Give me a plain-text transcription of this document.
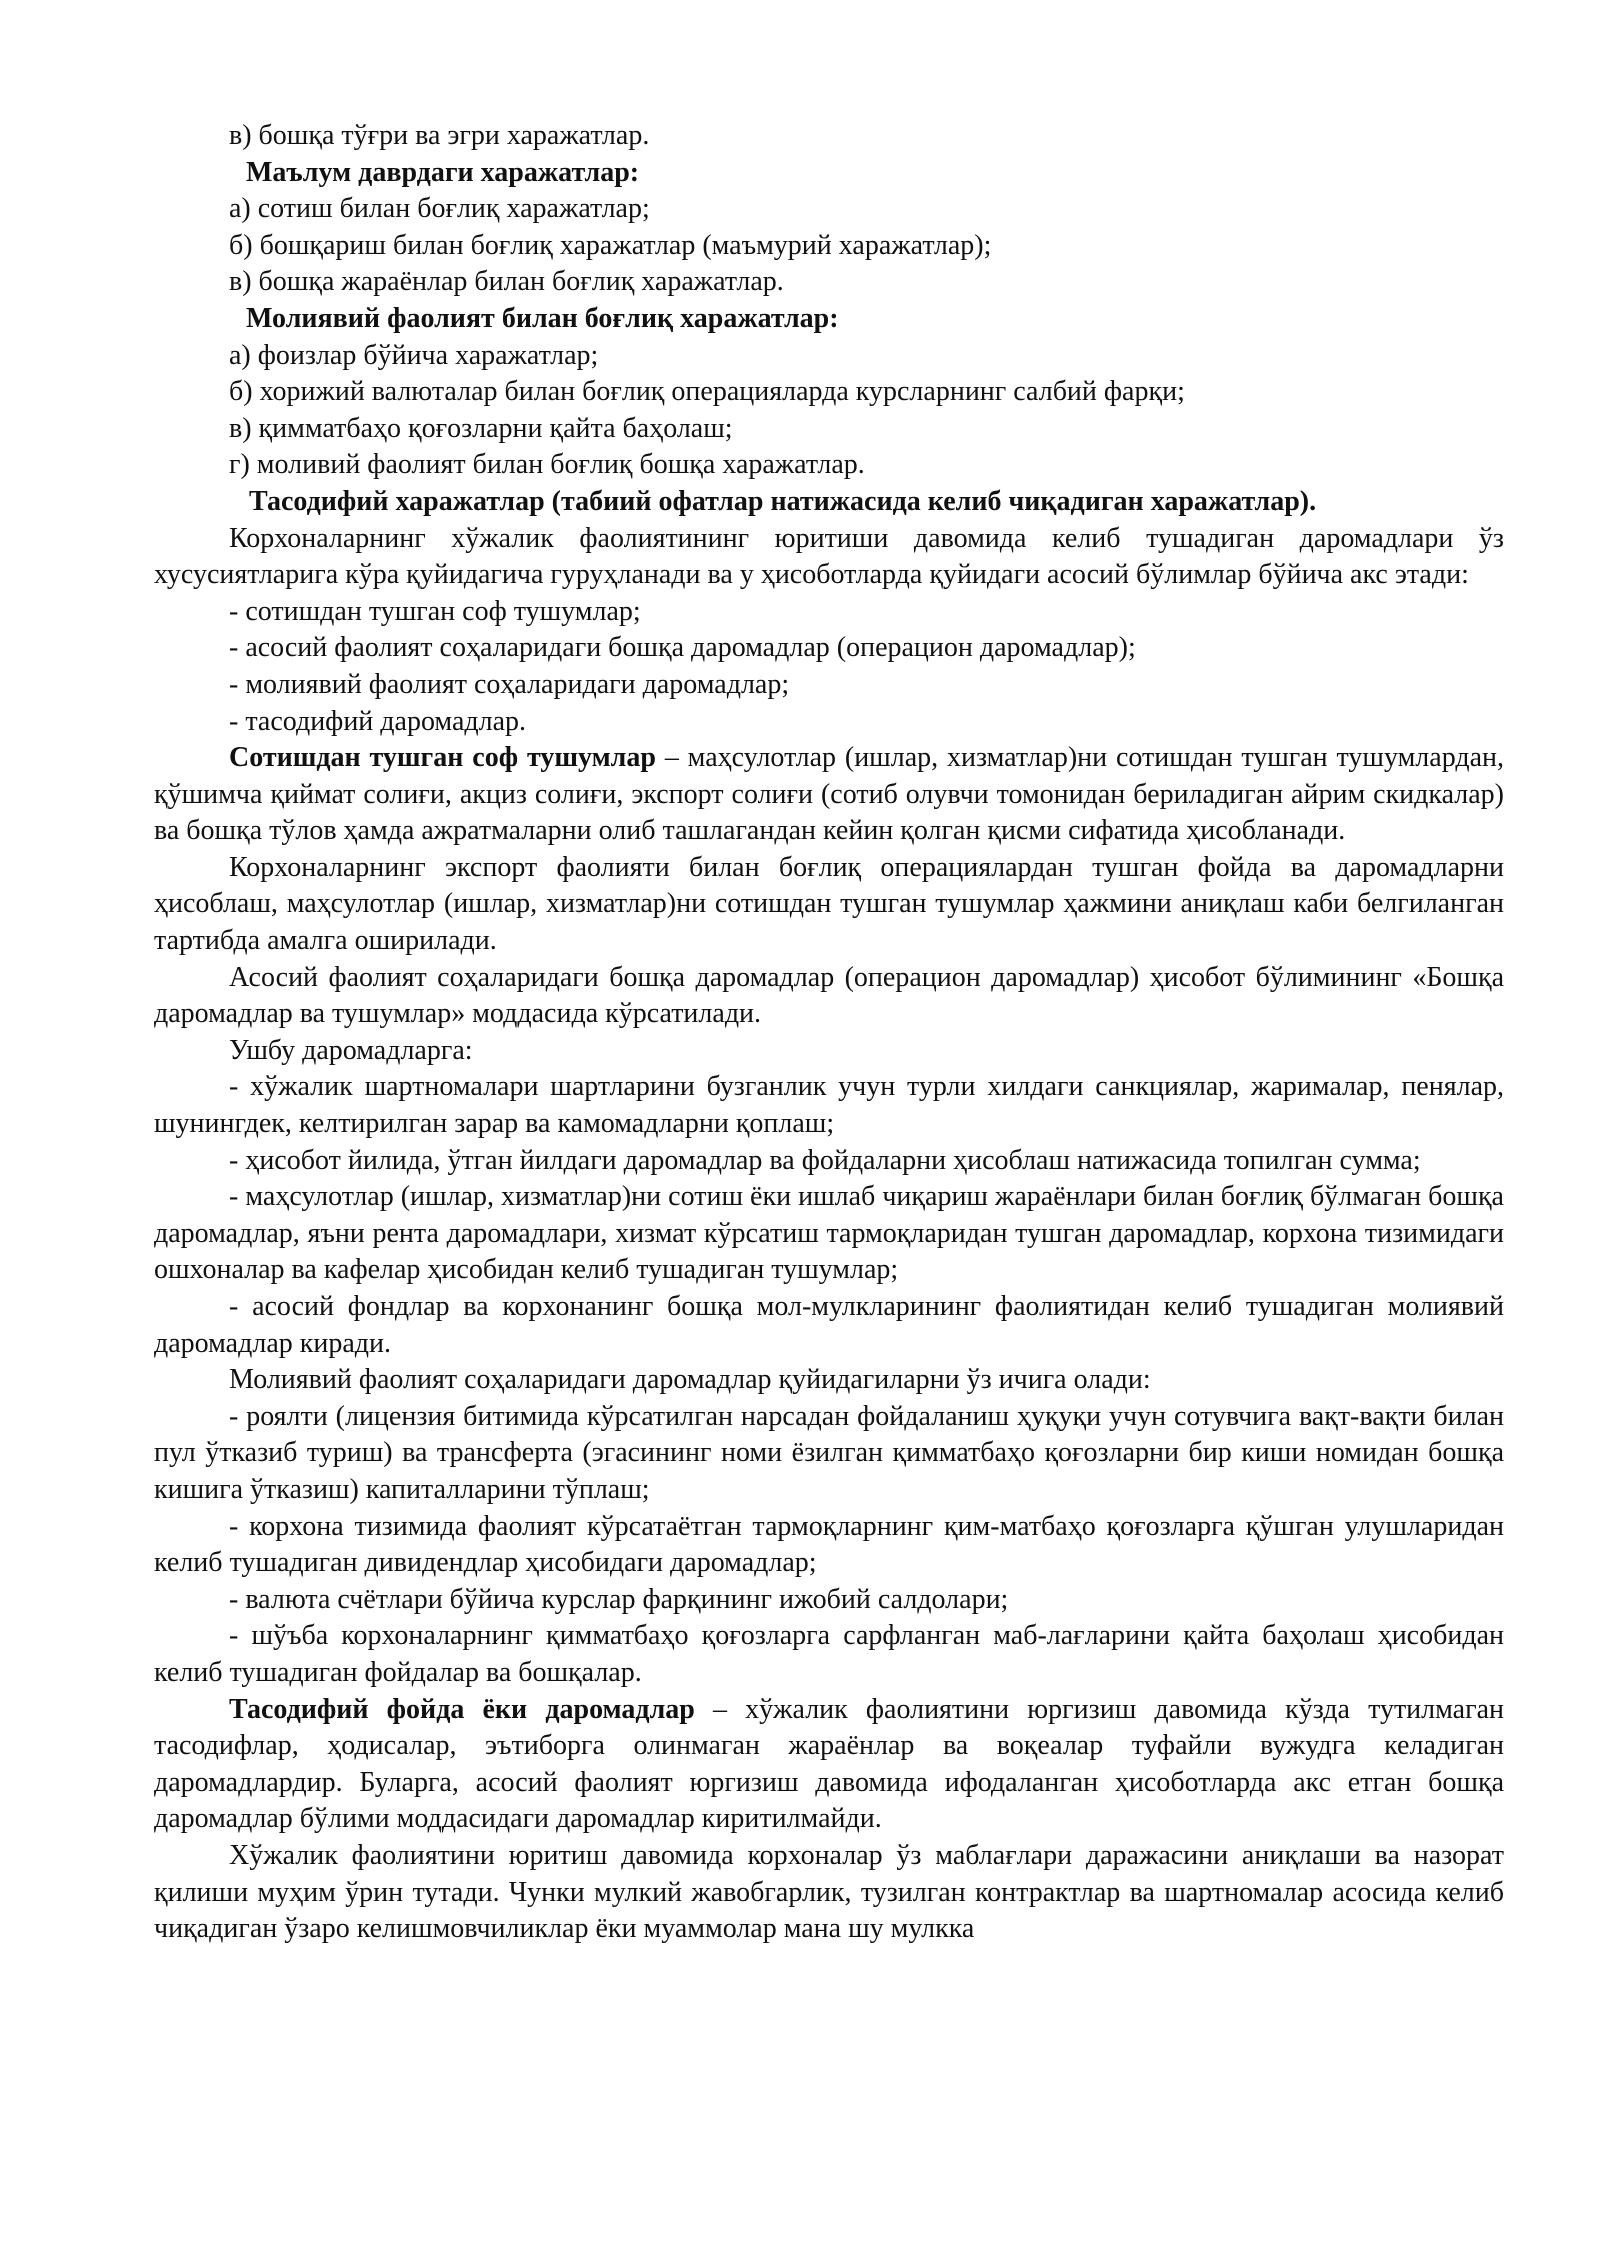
в) бошқа тўғри ва эгри харажатлар.

Маълум даврдаги харажатлар:

а) сотиш билан боғлиқ харажатлар;

б) бошқариш билан боғлиқ харажатлар (маъмурий харажатлар);

в) бошқа жараёнлар билан боғлиқ харажатлар.

Молиявий фаолият билан боғлиқ харажатлар:

а) фоизлар бўйича харажатлар;

б) хорижий валюталар билан боғлиқ операцияларда курсларнинг салбий фарқи;

в) қимматбаҳо қоғозларни қайта баҳолаш;

г) моливий фаолият билан боғлиқ бошқа харажатлар.

Тасодифий харажатлар (табиий офатлар натижасида келиб чиқадиган харажатлар).

Корхоналарнинг хўжалик фаолиятининг юритиши давомида келиб тушадиган даромадлари ўз хусусиятларига кўра қуйидагича гуруҳланади ва у ҳисоботларда қуйидаги асосий бўлимлар бўйича акс этади:

- сотишдан тушган соф тушумлар;

- асосий фаолият соҳаларидаги бошқа даромадлар (операцион даромадлар);

- молиявий фаолият соҳаларидаги даромадлар;

- тасодифий даромадлар.

Сотишдан тушган соф тушумлар – маҳсулотлар (ишлар, хизматлар)ни сотишдан тушган тушумлардан, қўшимча қиймат солиғи, акциз солиғи, экспорт солиғи (сотиб олувчи томонидан бериладиган айрим скидкалар) ва бошқа тўлов ҳамда ажратмаларни олиб ташлагандан кейин қолган қисми сифатида ҳисобланади.

Корхоналарнинг экспорт фаолияти билан боғлиқ операциялардан тушган фойда ва даромадларни ҳисоблаш, маҳсулотлар (ишлар, хизматлар)ни сотишдан тушган тушумлар ҳажмини аниқлаш каби белгиланган тартибда амалга оширилади.

Асосий фаолият соҳаларидаги бошқа даромадлар (операцион даромадлар) ҳисобот бўлимининг «Бошқа даромадлар ва тушумлар» моддасида кўрсатилади.

Ушбу даромадларга:

- хўжалик шартномалари шартларини бузганлик учун турли хилдаги санкциялар, жарималар, пенялар, шунингдек, келтирилган зарар ва камомадларни қоплаш;

- ҳисобот йилида, ўтган йилдаги даромадлар ва фойдаларни ҳисоблаш натижасида топилган сумма;

- маҳсулотлар (ишлар, хизматлар)ни сотиш ёки ишлаб чиқариш жараёнлари билан боғлиқ бўлмаган бошқа даромадлар, яъни рента даромадлари, хизмат кўрсатиш тармоқларидан тушган даромадлар, корхона тизимидаги ошхоналар ва кафелар ҳисобидан келиб тушадиган тушумлар;

- асосий фондлар ва корхонанинг бошқа мол-мулкларининг фаолиятидан келиб тушадиган молиявий даромадлар киради.

Молиявий фаолият соҳаларидаги даромадлар қуйидагиларни ўз ичига олади:

- роялти (лицензия битимида кўрсатилган нарсадан фойдаланиш ҳуқуқи учун сотувчига вақт-вақти билан пул ўтказиб туриш) ва трансферта (эгасининг номи ёзилган қимматбаҳо қоғозларни бир киши номидан бошқа кишига ўтказиш) капиталларини тўплаш;

- корхона тизимида фаолият кўрсатаётган тармоқларнинг қим-матбаҳо қоғозларга қўшган улушларидан келиб тушадиган дивидендлар ҳисобидаги даромадлар;

- валюта счётлари бўйича курслар фарқининг ижобий салдолари;

- шўъба корхоналарнинг қимматбаҳо қоғозларга сарфланган маб-лағларини қайта баҳолаш ҳисобидан келиб тушадиган фойдалар ва бошқалар.

Тасодифий фойда ёки даромадлар – хўжалик фаолиятини юргизиш давомида кўзда тутилмаган тасодифлар, ҳодисалар, эътиборга олинмаган жараёнлар ва воқеалар туфайли вужудга келадиган даромадлардир. Буларга, асосий фаолият юргизиш давомида ифодаланган ҳисоботларда акс етган бошқа даромадлар бўлими моддасидаги даромадлар киритилмайди.

Хўжалик фаолиятини юритиш давомида корхоналар ўз маблағлари даражасини аниқлаши ва назорат қилиши муҳим ўрин тутади. Чунки мулкий жавобгарлик, тузилган контрактлар ва шартномалар асосида келиб чиқадиган ўзаро келишмовчиликлар ёки муаммолар мана шу мулкка
